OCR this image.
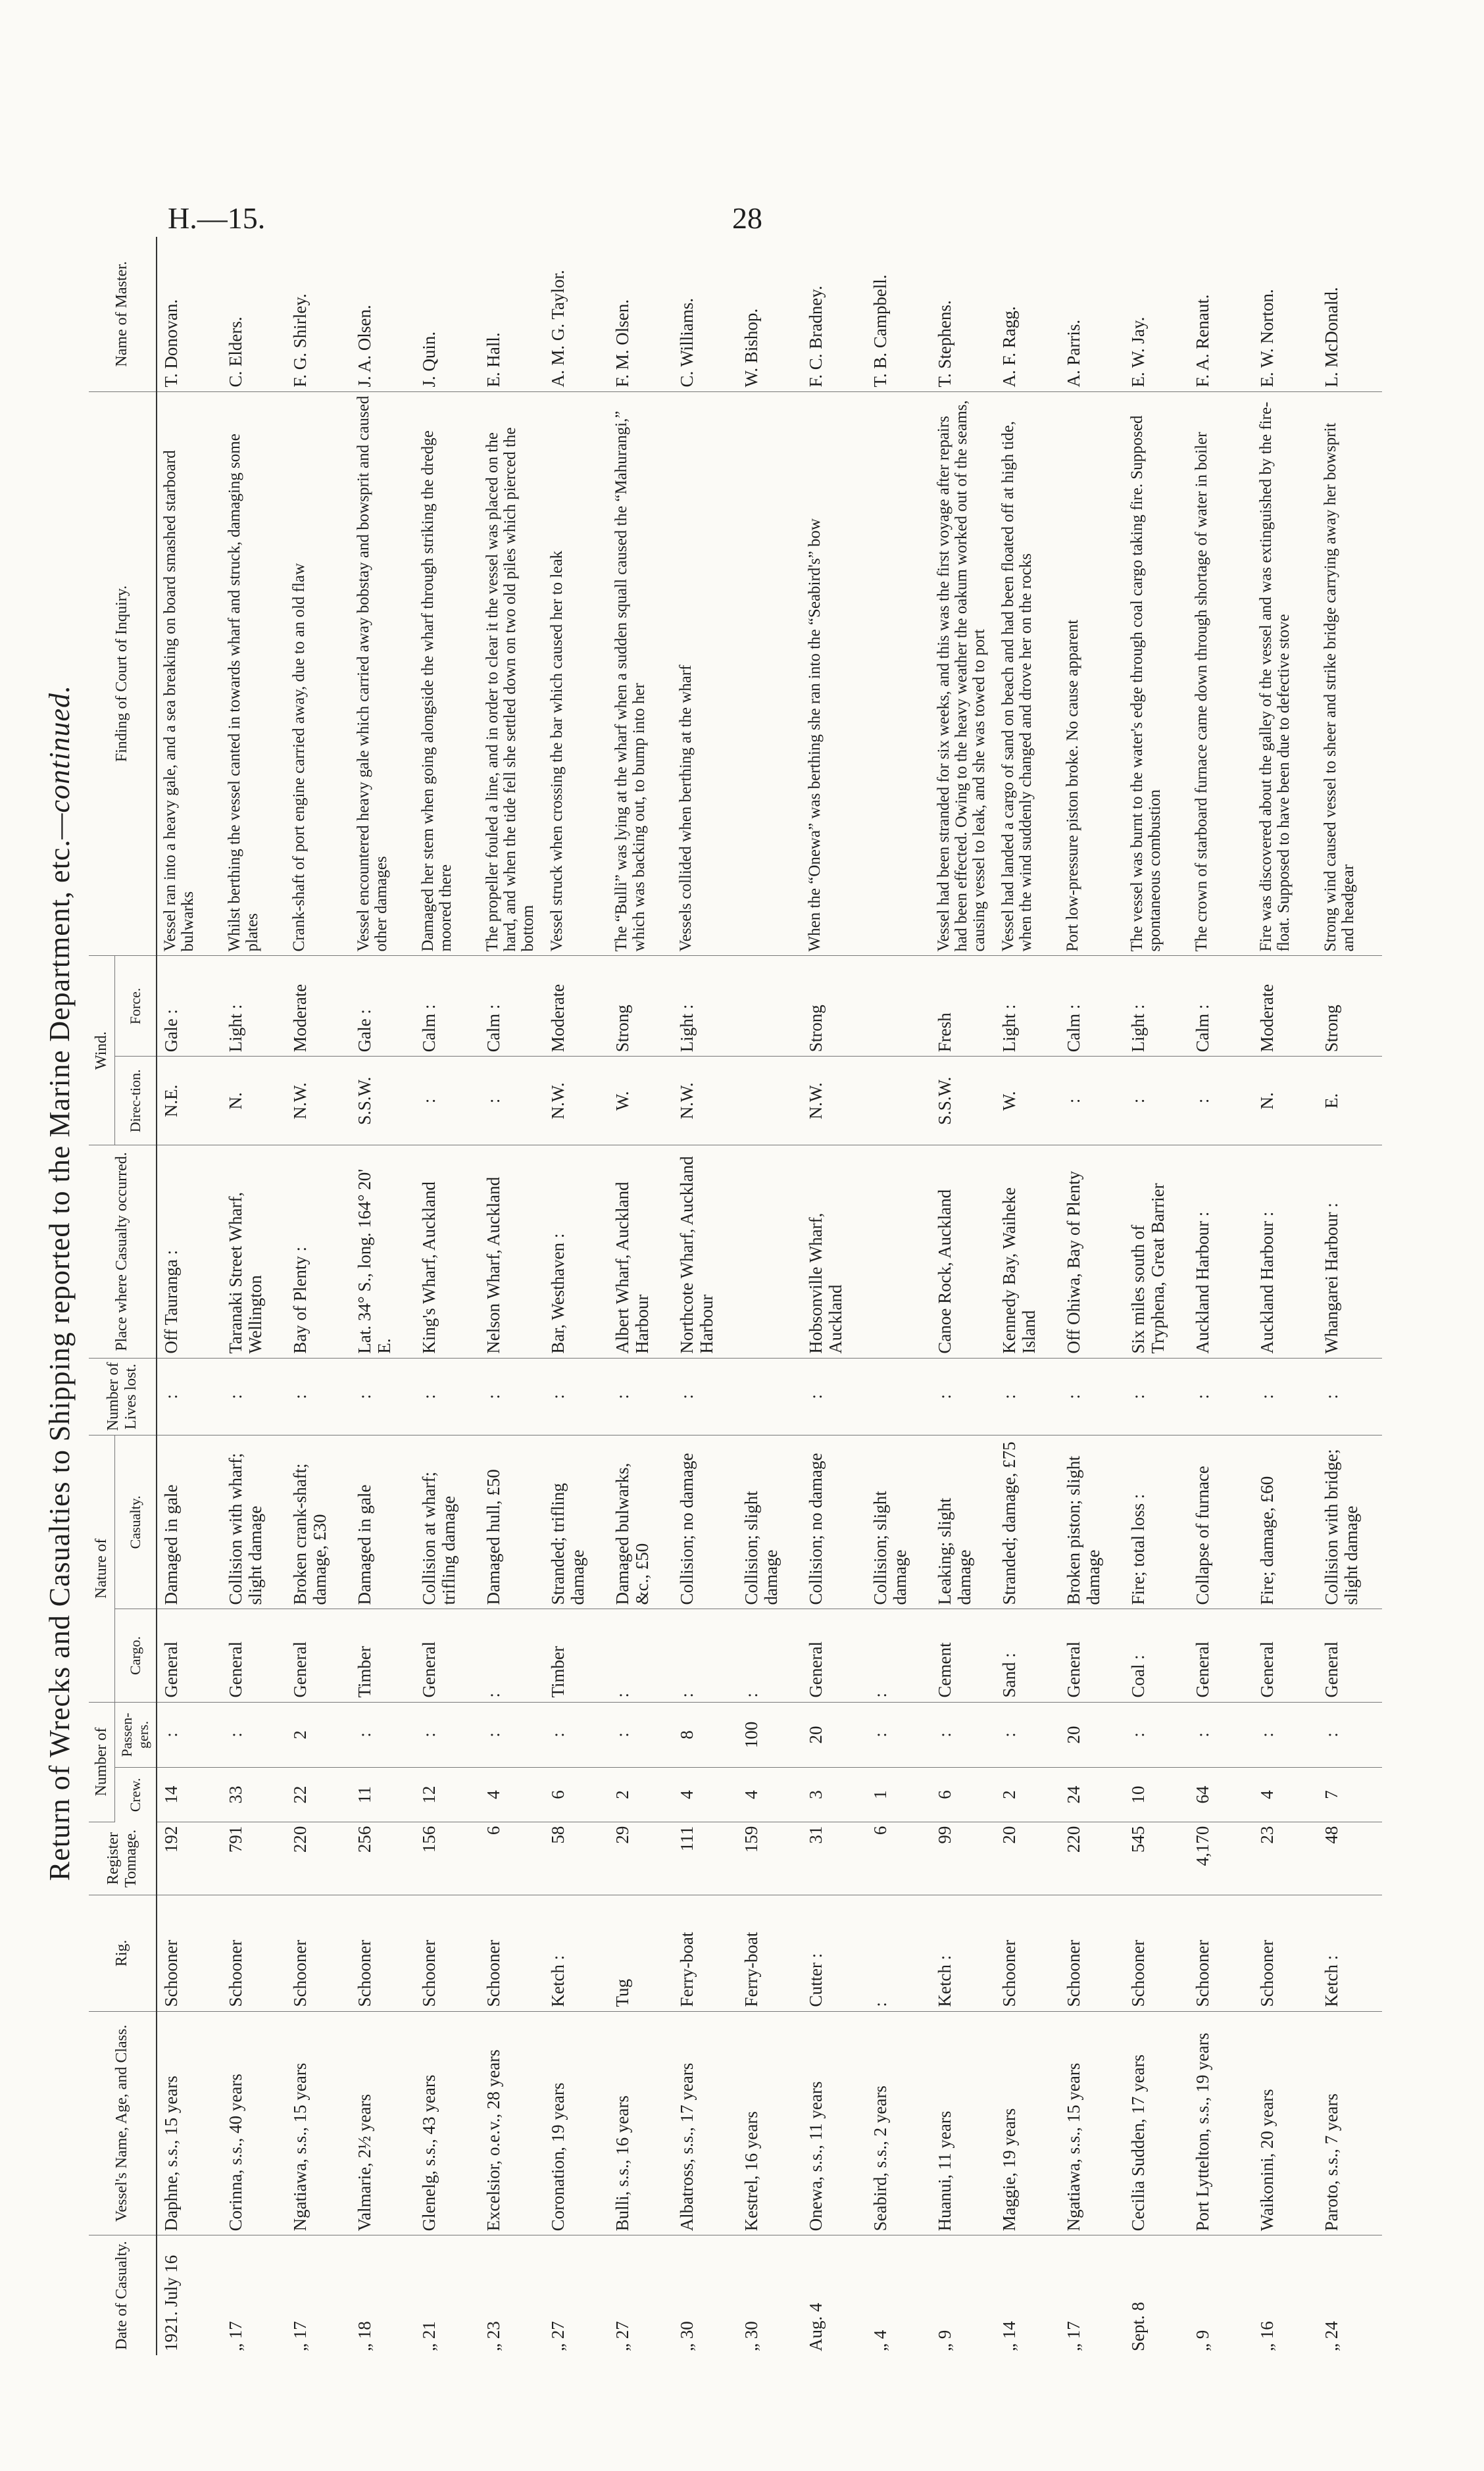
H.—15.	28
Return of Wrecks and Casualties to Shipping reported to the Marine Department, etc.—continued.
Date of Casualty.	Vessel's Name, Age, and Class.	Rig.	Register Tonnage.	Number of		Nature of		Number of Lives lost.	Place where Casualty occurred.	Wind.		Finding of Court of Inquiry.	Name of Master.
				Crew.	Passen-gers.	Cargo.	Casualty.			Direc-tion.	Force.		
1921. July 16	Daphne, s.s., 15 years	Schooner	192	14	:	General	Damaged in gale	:	Off Tauranga :	N.E.	Gale :	Vessel ran into a heavy gale, and a sea breaking on board smashed starboard bulwarks	T. Donovan.
„ 17	Corinna, s.s., 40 years	Schooner	791	33	:	General	Collision with wharf; slight damage	:	Taranaki Street Wharf, Wellington	N.	Light :	Whilst berthing the vessel canted in towards wharf and struck, damaging some plates	C. Elders.
„ 17	Ngatiawa, s.s., 15 years	Schooner	220	22	2	General	Broken crank-shaft; damage, £30	:	Bay of Plenty :	N.W.	Moderate	Crank-shaft of port engine carried away, due to an old flaw	F. G. Shirley.
„ 18	Valmarie, 2½ years	Schooner	256	11	:	Timber	Damaged in gale	:	Lat. 34° S., long. 164° 20' E.	S.S.W.	Gale :	Vessel encountered heavy gale which carried away bobstay and bowsprit and caused other damages	J. A. Olsen.
„ 21	Glenelg, s.s., 43 years	Schooner	156	12	:	General	Collision at wharf; trifling damage	:	King's Wharf, Auckland	:	Calm :	Damaged her stem when going alongside the wharf through striking the dredge moored there	J. Quin.
„ 23	Excelsior, o.e.v., 28 years	Schooner	6	4	:	:	Damaged hull, £50	:	Nelson Wharf, Auckland	:	Calm :	The propeller fouled a line, and in order to clear it the vessel was placed on the hard, and when the tide fell she settled down on two old piles which pierced the bottom	E. Hall.
„ 27	Coronation, 19 years	Ketch :	58	6	:	Timber	Stranded; trifling damage	:	Bar, Westhaven :	N.W.	Moderate	Vessel struck when crossing the bar which caused her to leak	A. M. G. Taylor.
„ 27	Bulli, s.s., 16 years	Tug	29	2	:	:	Damaged bulwarks, &c., £50	:	Albert Wharf, Auckland Harbour	W.	Strong	The “Bulli” was lying at the wharf when a sudden squall caused the “Mahurangi,” which was backing out, to bump into her	F. M. Olsen.
„ 30	Albatross, s.s., 17 years	Ferry-boat	111	4	8	:	Collision; no damage	:	Northcote Wharf, Auckland Harbour	N.W.	Light :	Vessels collided when berthing at the wharf	C. Williams.
„ 30	Kestrel, 16 years	Ferry-boat	159	4	100	:	Collision; slight damage						W. Bishop.
Aug. 4	Onewa, s.s., 11 years	Cutter :	31	3	20	General	Collision; no damage	:	Hobsonville Wharf, Auckland	N.W.	Strong	When the “Onewa” was berthing she ran into the “Seabird's” bow	F. C. Bradney.
„ 4	Seabird, s.s., 2 years	:	6	1	:	:	Collision; slight damage						T. B. Campbell.
„ 9	Huanui, 11 years	Ketch :	99	6	:	Cement	Leaking; slight damage	:	Canoe Rock, Auckland	S.S.W.	Fresh	Vessel had been stranded for six weeks, and this was the first voyage after repairs had been effected. Owing to the heavy weather the oakum worked out of the seams, causing vessel to leak, and she was towed to port	T. Stephens.
„ 14	Maggie, 19 years	Schooner	20	2	:	Sand :	Stranded; damage, £75	:	Kennedy Bay, Waiheke Island	W.	Light :	Vessel had landed a cargo of sand on beach and had been floated off at high tide, when the wind suddenly changed and drove her on the rocks	A. F. Ragg.
„ 17	Ngatiawa, s.s., 15 years	Schooner	220	24	20	General	Broken piston; slight damage	:	Off Ohiwa, Bay of Plenty	:	Calm :	Port low-pressure piston broke. No cause apparent	A. Parris.
Sept. 8	Cecilia Sudden, 17 years	Schooner	545	10	:	Coal :	Fire; total loss :	:	Six miles south of Tryphena, Great Barrier	:	Light :	The vessel was burnt to the water's edge through coal cargo taking fire. Supposed spontaneous combustion	E. W. Jay.
„ 9	Port Lyttelton, s.s., 19 years	Schooner	4,170	64	:	General	Collapse of furnace	:	Auckland Harbour :	:	Calm :	The crown of starboard furnace came down through shortage of water in boiler	F. A. Renaut.
„ 16	Waikonini, 20 years	Schooner	23	4	:	General	Fire; damage, £60	:	Auckland Harbour :	N.	Moderate	Fire was discovered about the galley of the vessel and was extinguished by the fire-float. Supposed to have been due to defective stove	E. W. Norton.
„ 24	Paroto, s.s., 7 years	Ketch :	48	7	:	General	Collision with bridge; slight damage	:	Whangarei Harbour :	E.	Strong	Strong wind caused vessel to sheer and strike bridge carrying away her bowsprit and headgear	L. McDonald.
